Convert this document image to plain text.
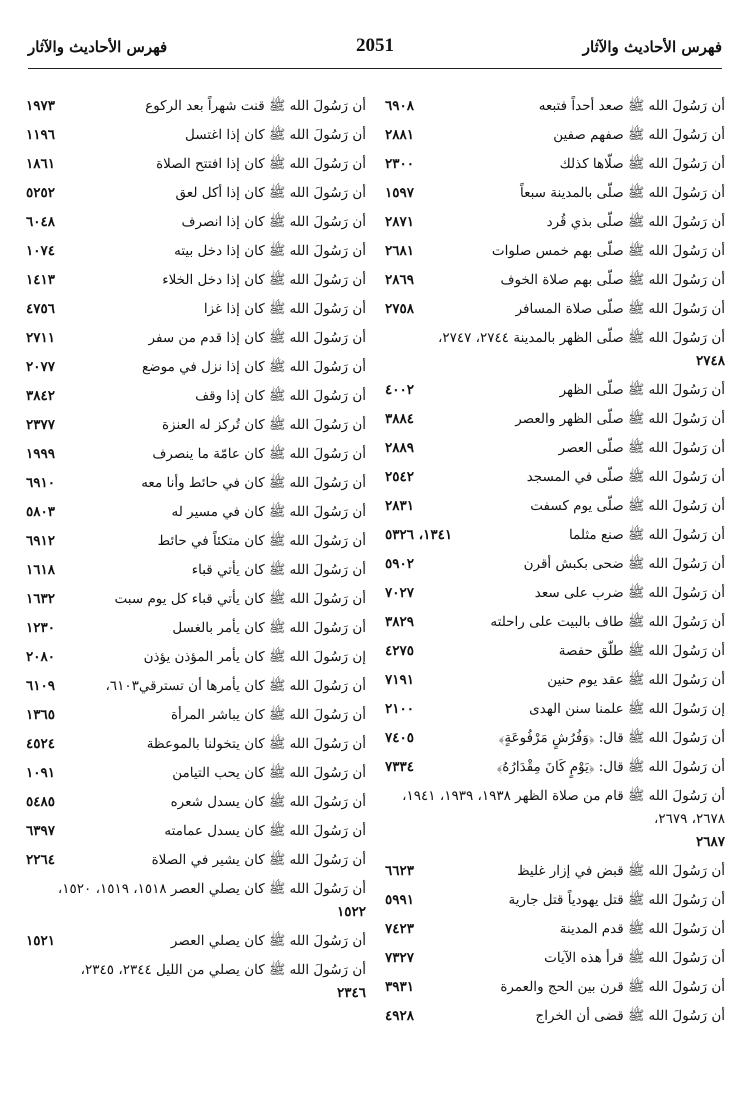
فهرس الأحاديث والآثار
2051
فهرس الأحاديث والآثار
أن رَسُولَ الله ﷺ صعد أحداً فتبعه
٦٩٠٨
أن رَسُولَ الله ﷺ صفهم صفين
٢٨٨١
أن رَسُولَ الله ﷺ صلّاها كذلك
٢٣٠٠
أن رَسُولَ الله ﷺ صلّى بالمدينة سبعاً
١٥٩٧
أن رَسُولَ الله ﷺ صلّى بذي قُرد
٢٨٧١
أن رَسُولَ الله ﷺ صلّى بهم خمس صلوات
٢٦٨١
أن رَسُولَ الله ﷺ صلّى بهم صلاة الخوف
٢٨٦٩
أن رَسُولَ الله ﷺ صلّى صلاة المسافر
٢٧٥٨
أن رَسُولَ الله ﷺ صلّى الظهر بالمدينة ٢٧٤٤، ٢٧٤٧،
٢٧٤٨
أن رَسُولَ الله ﷺ صلّى الظهر
٤٠٠٢
أن رَسُولَ الله ﷺ صلّى الظهر والعصر
٣٨٨٤
أن رَسُولَ الله ﷺ صلّى العصر
٢٨٨٩
أن رَسُولَ الله ﷺ صلّى في المسجد
٢٥٤٢
أن رَسُولَ الله ﷺ صلّى يوم كسفت
٢٨٣١
أن رَسُولَ الله ﷺ صنع مثلما
١٣٤١، ٥٣٢٦
أن رَسُولَ الله ﷺ ضحى بكبش أقرن
٥٩٠٢
أن رَسُولَ الله ﷺ ضرب على سعد
٧٠٢٧
أن رَسُولَ الله ﷺ طاف بالبيت على راحلته
٣٨٢٩
أن رَسُولَ الله ﷺ طلّق حفصة
٤٢٧٥
أن رَسُولَ الله ﷺ عقد يوم حنين
٧١٩١
إن رَسُولَ الله ﷺ علمنا سنن الهدى
٢١٠٠
أن رَسُولَ الله ﷺ قال: ﴿وَفُرُشٍ مَرْفُوعَةٍ﴾
٧٤٠٥
أن رَسُولَ الله ﷺ قال: ﴿يَوْمٍ كَانَ مِقْدَارُهُ﴾
٧٣٣٤
أن رَسُولَ الله ﷺ قام من صلاة الظهر ١٩٣٨، ١٩٣٩، ١٩٤١، ٢٦٧٨، ٢٦٧٩،
٢٦٨٧
أن رَسُولَ الله ﷺ قبض في إزار غليظ
٦٦٢٣
أن رَسُولَ الله ﷺ قتل يهودياً قتل جارية
٥٩٩١
أن رَسُولَ الله ﷺ قدم المدينة
٧٤٢٣
أن رَسُولَ الله ﷺ قرأ هذه الآيات
٧٣٢٧
أن رَسُولَ الله ﷺ قرن بين الحج والعمرة
٣٩٣١
أن رَسُولَ الله ﷺ قضى أن الخراج
٤٩٢٨
أن رَسُولَ الله ﷺ قنت شهراً بعد الركوع
١٩٧٣
أن رَسُولَ الله ﷺ كان إذا اغتسل
١١٩٦
أن رَسُولَ الله ﷺ كان إذا افتتح الصلاة
١٨٦١
أن رَسُولَ الله ﷺ كان إذا أكل لعق
٥٢٥٢
أن رَسُولَ الله ﷺ كان إذا انصرف
٦٠٤٨
أن رَسُولَ الله ﷺ كان إذا دخل بيته
١٠٧٤
أن رَسُولَ الله ﷺ كان إذا دخل الخلاء
١٤١٣
أن رَسُولَ الله ﷺ كان إذا غزا
٤٧٥٦
أن رَسُولَ الله ﷺ كان إذا قدم من سفر
٢٧١١
أن رَسُولَ الله ﷺ كان إذا نزل في موضع
٢٠٧٧
أن رَسُولَ الله ﷺ كان إذا وقف
٣٨٤٢
أن رَسُولَ الله ﷺ كان تُركز له العنزة
٢٣٧٧
أن رَسُولَ الله ﷺ كان عامّة ما ينصرف
١٩٩٩
أن رَسُولَ الله ﷺ كان في حائط وأنا معه
٦٩١٠
أن رَسُولَ الله ﷺ كان في مسير له
٥٨٠٣
أن رَسُولَ الله ﷺ كان متكئاً في حائط
٦٩١٢
أن رَسُولَ الله ﷺ كان يأتي قباء
١٦١٨
أن رَسُولَ الله ﷺ كان يأتي قباء كل يوم سبت
١٦٣٢
أن رَسُولَ الله ﷺ كان يأمر بالغسل
١٢٣٠
إن رَسُولَ الله ﷺ كان يأمر المؤذن يؤذن
٢٠٨٠
أن رَسُولَ الله ﷺ كان يأمرها أن تسترقي٦١٠٣،
٦١٠٩
أن رَسُولَ الله ﷺ كان يباشر المرأة
١٣٦٥
أن رَسُولَ الله ﷺ كان يتخولنا بالموعظة
٤٥٢٤
أن رَسُولَ الله ﷺ كان يحب التيامن
١٠٩١
أن رَسُولَ الله ﷺ كان يسدل شعره
٥٤٨٥
أن رَسُولَ الله ﷺ كان يسدل عمامته
٦٣٩٧
أن رَسُولَ الله ﷺ كان يشير في الصلاة
٢٢٦٤
أن رَسُولَ الله ﷺ كان يصلي العصر ١٥١٨، ١٥١٩، ١٥٢٠،
١٥٢٢
أن رَسُولَ الله ﷺ كان يصلي العصر
١٥٢١
أن رَسُولَ الله ﷺ كان يصلي من الليل ٢٣٤٤، ٢٣٤٥،
٢٣٤٦
